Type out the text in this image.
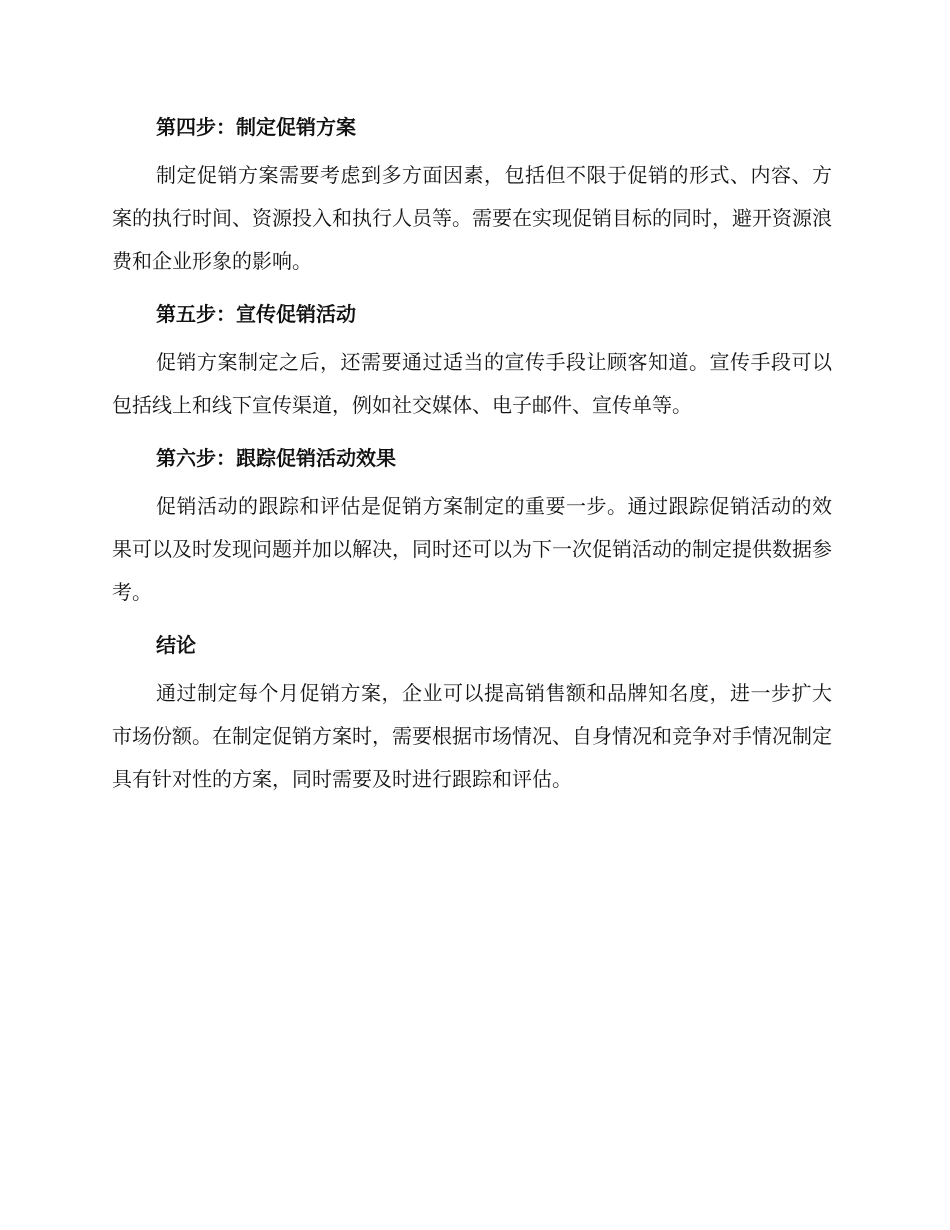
第四步：制定促销方案

制定促销方案需要考虑到多方面因素，包括但不限于促销的形式、内容、方案的执行时间、资源投入和执行人员等。需要在实现促销目标的同时，避开资源浪费和企业形象的影响。

第五步：宣传促销活动

促销方案制定之后，还需要通过适当的宣传手段让顾客知道。宣传手段可以包括线上和线下宣传渠道，例如社交媒体、电子邮件、宣传单等。

第六步：跟踪促销活动效果

促销活动的跟踪和评估是促销方案制定的重要一步。通过跟踪促销活动的效果可以及时发现问题并加以解决，同时还可以为下一次促销活动的制定提供数据参考。

结论

通过制定每个月促销方案，企业可以提高销售额和品牌知名度，进一步扩大市场份额。在制定促销方案时，需要根据市场情况、自身情况和竞争对手情况制定具有针对性的方案，同时需要及时进行跟踪和评估。
